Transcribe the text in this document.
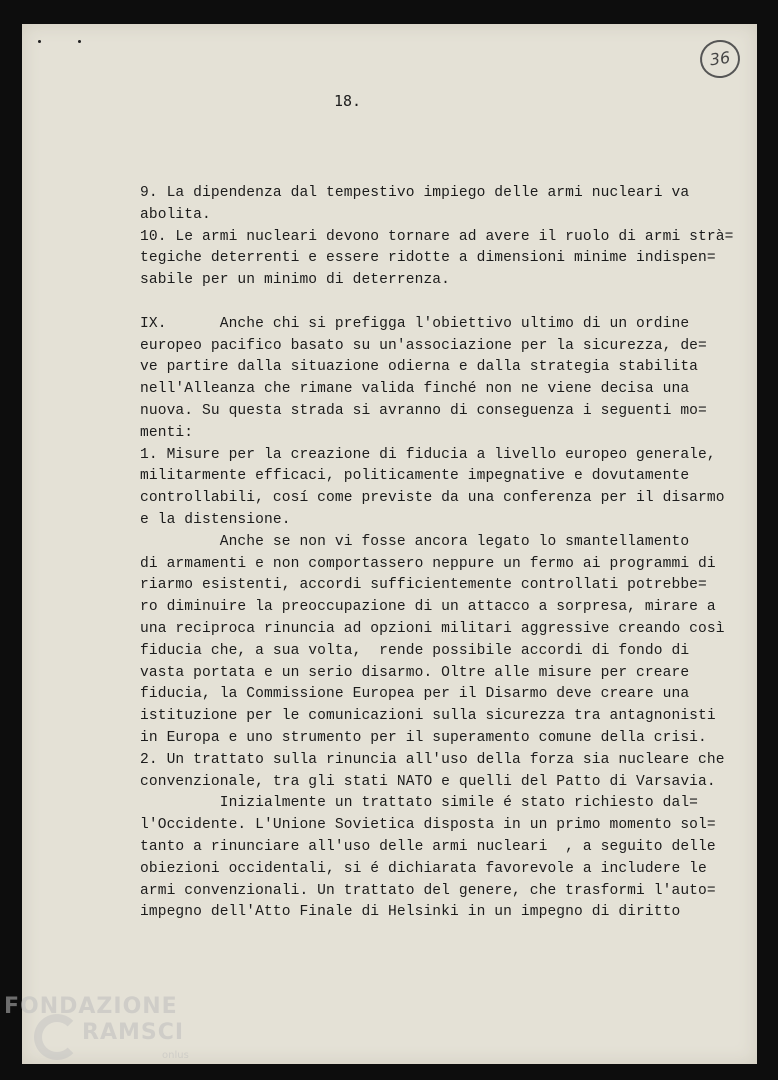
36
18.
9. La dipendenza dal tempestivo impiego delle armi nucleari va
abolita.
10. Le armi nucleari devono tornare ad avere il ruolo di armi strà=
tegiche deterrenti e essere ridotte a dimensioni minime indispen=
sabile per un minimo di deterrenza.
IX.      Anche chi si prefigga l'obiettivo ultimo di un ordine
europeo pacifico basato su un'associazione per la sicurezza, de=
ve partire dalla situazione odierna e dalla strategia stabilita
nell'Alleanza che rimane valida finché non ne viene decisa una
nuova. Su questa strada si avranno di conseguenza i seguenti mo=
menti:
1. Misure per la creazione di fiducia a livello europeo generale,
militarmente efficaci, politicamente impegnative e dovutamente
controllabili, cosí come previste da una conferenza per il disarmo
e la distensione.
Anche se non vi fosse ancora legato lo smantellamento
di armamenti e non comportassero neppure un fermo ai programmi di
riarmo esistenti, accordi sufficientemente controllati potrebbe=
ro diminuire la preoccupazione di un attacco a sorpresa, mirare a
una reciproca rinuncia ad opzioni militari aggressive creando così
fiducia che, a sua volta,  rende possibile accordi di fondo di
vasta portata e un serio disarmo. Oltre alle misure per creare
fiducia, la Commissione Europea per il Disarmo deve creare una
istituzione per le comunicazioni sulla sicurezza tra antagnonisti
in Europa e uno strumento per il superamento comune della crisi.
2. Un trattato sulla rinuncia all'uso della forza sia nucleare che
convenzionale, tra gli stati NATO e quelli del Patto di Varsavia.
Inizialmente un trattato simile é stato richiesto dal=
l'Occidente. L'Unione Sovietica disposta in un primo momento sol=
tanto a rinunciare all'uso delle armi nucleari  , a seguito delle
obiezioni occidentali, si é dichiarata favorevole a includere le
armi convenzionali. Un trattato del genere, che trasformi l'auto=
impegno dell'Atto Finale di Helsinki in un impegno di diritto
FONDAZIONE
RAMSCI
onlus
